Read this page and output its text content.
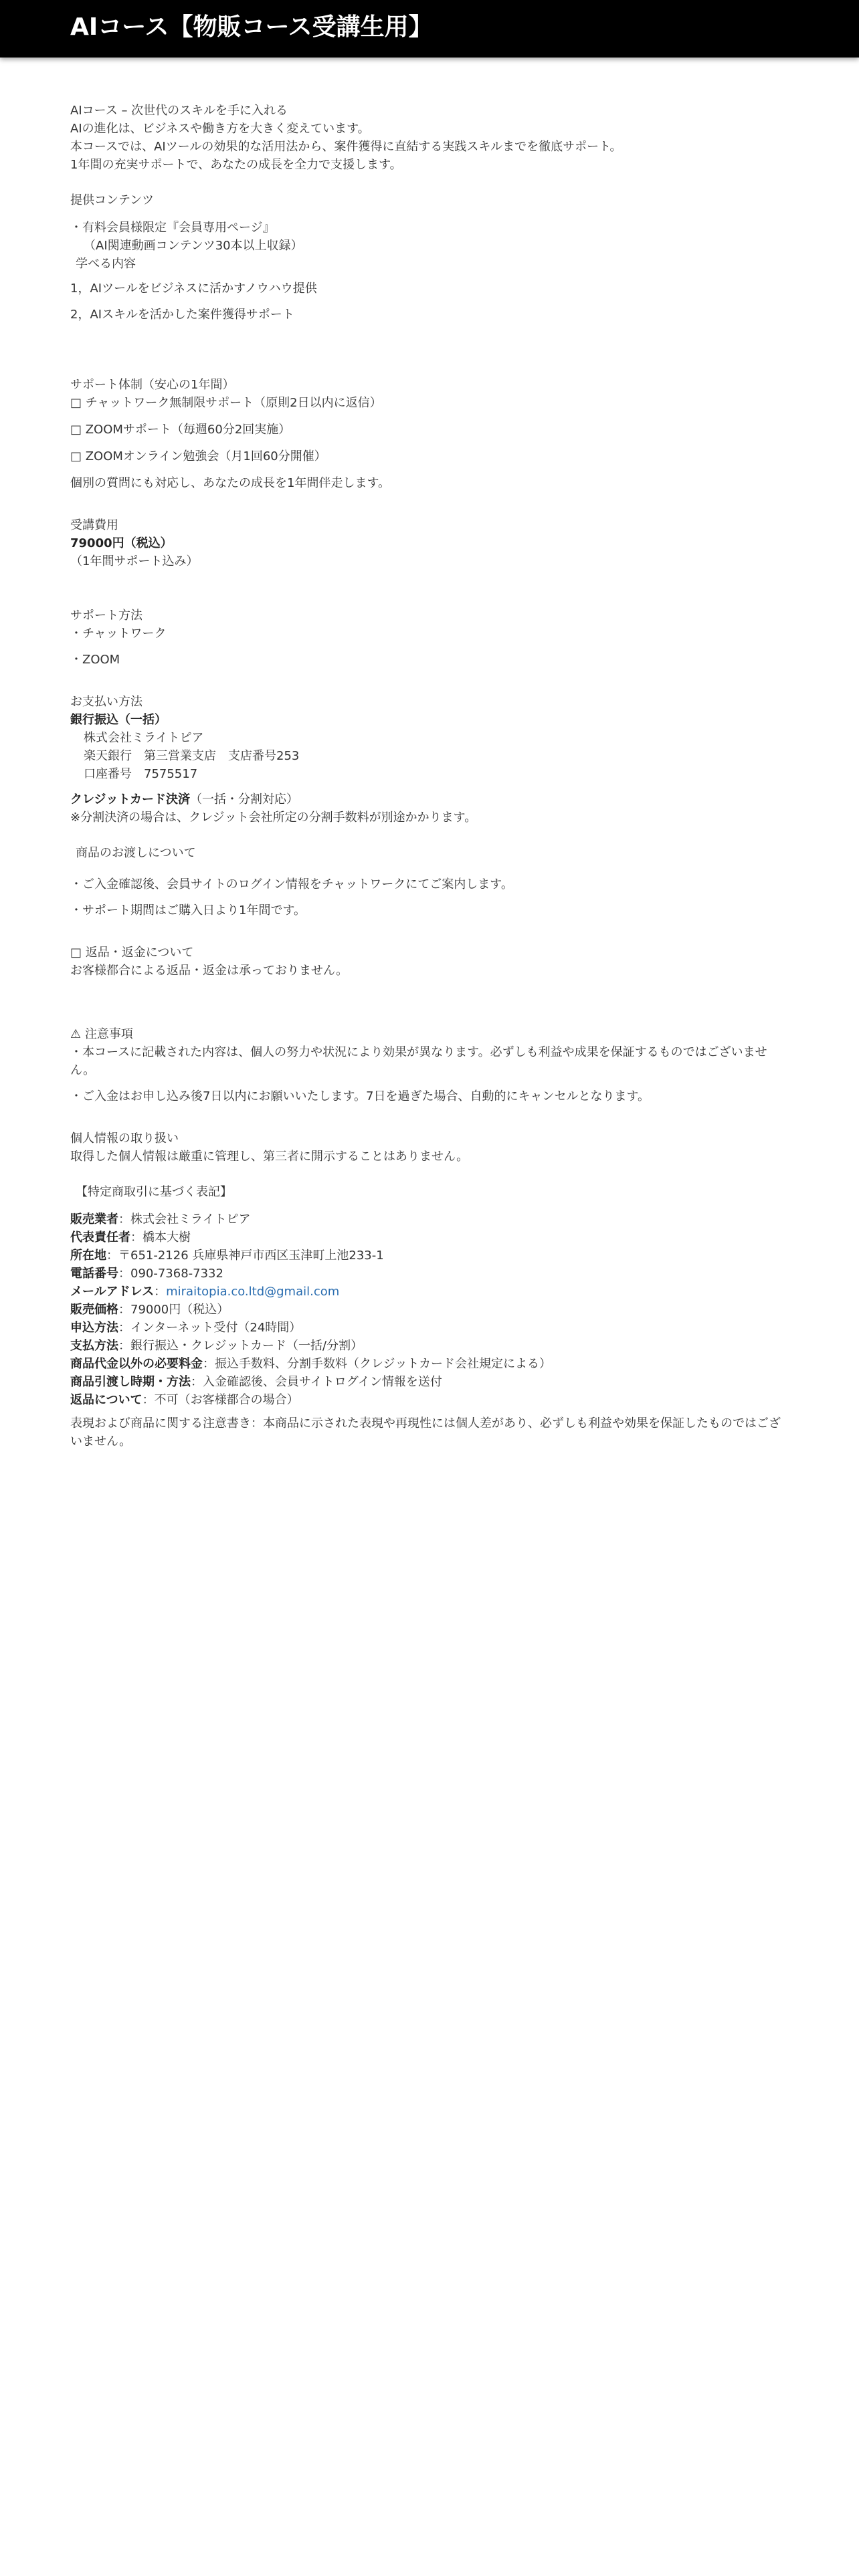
AIコース【物販コース受講生用】
AIコース – 次世代のスキルを手に入れる
AIの進化は、ビジネスや働き方を大きく変えています。
本コースでは、AIツールの効果的な活用法から、案件獲得に直結する実践スキルまでを徹底サポート。
1年間の充実サポートで、あなたの成長を全力で支援します。

提供コンテンツ

・有料会員様限定『会員専用ページ』
（AI関連動画コンテンツ30本以上収録）
学べる内容

1，AIツールをビジネスに活かすノウハウ提供

2，AIスキルを活かした案件獲得サポート

サポート体制（安心の1年間）

□ チャットワーク無制限サポート（原則2日以内に返信）

□ ZOOMサポート（毎週60分2回実施）

□ ZOOMオンライン勉強会（月1回60分開催）

個別の質問にも対応し、あなたの成長を1年間伴走します。

受講費用
79000円（税込）
（1年間サポート込み）
サポート方法

・チャットワーク

・ZOOM

お支払い方法
銀行振込（一括）
株式会社ミライトピア
楽天銀行　第三営業支店　支店番号253
口座番号　7575517
クレジットカード決済（一括・分割対応）
※分割決済の場合は、クレジット会社所定の分割手数料が別途かかります。

商品のお渡しについて

・ご入金確認後、会員サイトのログイン情報をチャットワークにてご案内します。

・サポート期間はご購入日より1年間です。

□ 返品・返金について
お客様都合による返品・返金は承っておりません。
⚠ 注意事項

・本コースに記載された内容は、個人の努力や状況により効果が異なります。必ずしも利益や成果を保証するものではございません。

・ご入金はお申し込み後7日以内にお願いいたします。7日を過ぎた場合、自動的にキャンセルとなります。

個人情報の取り扱い
取得した個人情報は厳重に管理し、第三者に開示することはありません。

【特定商取引に基づく表記】

販売業者：株式会社ミライトピア
代表責任者：橋本大樹
所在地：〒651-2126 兵庫県神戸市西区玉津町上池233-1
電話番号：090-7368-7332
メールアドレス：miraitopia.co.ltd@gmail.com
販売価格：79000円（税込）
申込方法：インターネット受付（24時間）
支払方法：銀行振込・クレジットカード（一括/分割）
商品代金以外の必要料金：振込手数料、分割手数料（クレジットカード会社規定による）
商品引渡し時期・方法：入金確認後、会員サイトログイン情報を送付
返品について：不可（お客様都合の場合）
表現および商品に関する注意書き：本商品に示された表現や再現性には個人差があり、必ずしも利益や効果を保証したものではございません。
